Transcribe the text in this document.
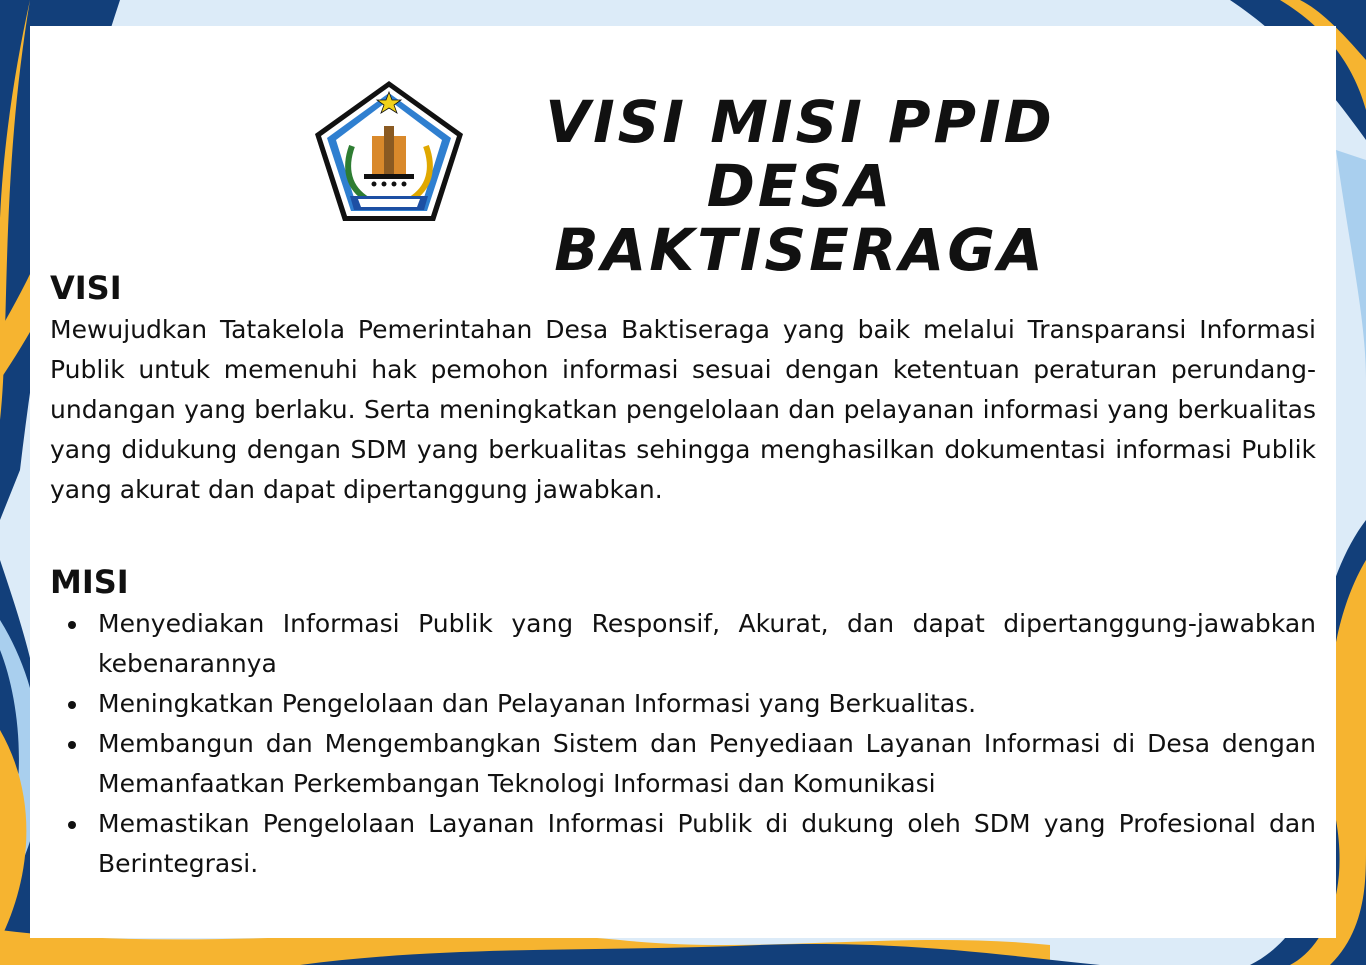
VISI MISI PPID
DESA BAKTISERAGA
VISI

Mewujudkan Tatakelola Pemerintahan Desa Baktiseraga yang baik melalui Transparansi Informasi Publik untuk memenuhi hak pemohon informasi sesuai dengan ketentuan peraturan perundang-undangan yang berlaku. Serta meningkatkan pengelolaan dan pelayanan informasi yang berkualitas yang didukung dengan SDM yang berkualitas sehingga menghasilkan dokumentasi informasi Publik yang akurat dan dapat dipertanggung jawabkan.

MISI
Menyediakan Informasi Publik yang Responsif, Akurat, dan dapat dipertanggung-jawabkan kebenarannya
Meningkatkan Pengelolaan dan Pelayanan Informasi yang Berkualitas.
Membangun dan Mengembangkan Sistem dan Penyediaan Layanan Informasi di Desa dengan Memanfaatkan Perkembangan Teknologi Informasi dan Komunikasi
Memastikan Pengelolaan Layanan Informasi Publik di dukung oleh SDM yang Profesional dan Berintegrasi.
